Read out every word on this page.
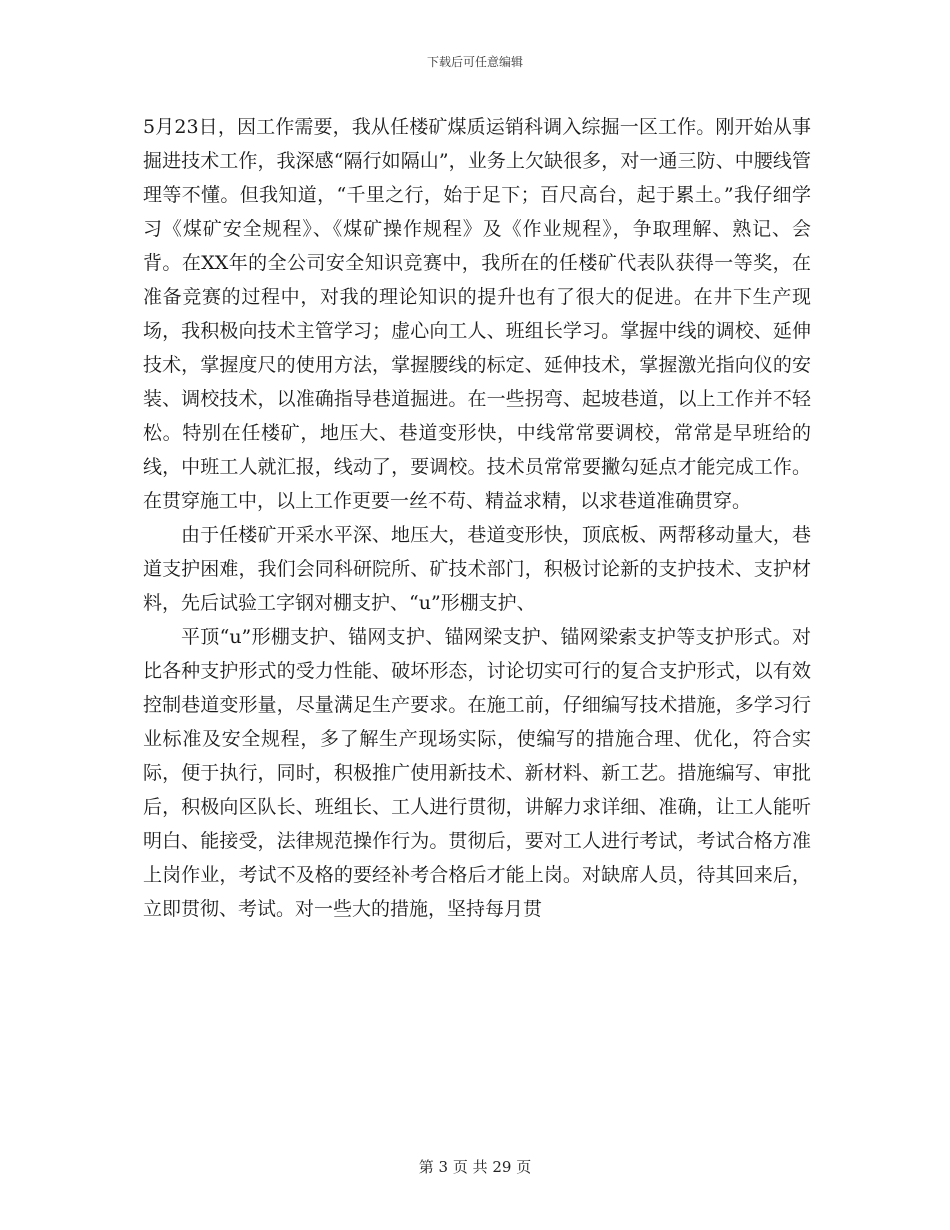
下载后可任意编辑

5月23日，因工作需要，我从任楼矿煤质运销科调入综掘一区工作。刚开始从事掘进技术工作，我深感“隔行如隔山”，业务上欠缺很多，对一通三防、中腰线管理等不懂。但我知道，“千里之行，始于足下；百尺高台，起于累土。”我仔细学习《煤矿安全规程》、《煤矿操作规程》及《作业规程》，争取理解、熟记、会背。在XX年的全公司安全知识竞赛中，我所在的任楼矿代表队获得一等奖，在准备竞赛的过程中，对我的理论知识的提升也有了很大的促进。在井下生产现场，我积极向技术主管学习；虚心向工人、班组长学习。掌握中线的调校、延伸技术，掌握度尺的使用方法，掌握腰线的标定、延伸技术，掌握激光指向仪的安装、调校技术，以准确指导巷道掘进。在一些拐弯、起坡巷道，以上工作并不轻松。特别在任楼矿，地压大、巷道变形快，中线常常要调校，常常是早班给的线，中班工人就汇报，线动了，要调校。技术员常常要撇勾延点才能完成工作。在贯穿施工中，以上工作更要一丝不苟、精益求精，以求巷道准确贯穿。

由于任楼矿开采水平深、地压大，巷道变形快，顶底板、两帮移动量大，巷道支护困难，我们会同科研院所、矿技术部门，积极讨论新的支护技术、支护材料，先后试验工字钢对棚支护、“u”形棚支护、

平顶“u”形棚支护、锚网支护、锚网梁支护、锚网梁索支护等支护形式。对比各种支护形式的受力性能、破坏形态，讨论切实可行的复合支护形式，以有效控制巷道变形量，尽量满足生产要求。在施工前，仔细编写技术措施，多学习行业标准及安全规程，多了解生产现场实际，使编写的措施合理、优化，符合实际，便于执行，同时，积极推广使用新技术、新材料、新工艺。措施编写、审批后，积极向区队长、班组长、工人进行贯彻，讲解力求详细、准确，让工人能听明白、能接受，法律规范操作行为。贯彻后，要对工人进行考试，考试合格方准上岗作业，考试不及格的要经补考合格后才能上岗。对缺席人员，待其回来后，立即贯彻、考试。对一些大的措施，坚持每月贯

第 3 页 共 29 页
